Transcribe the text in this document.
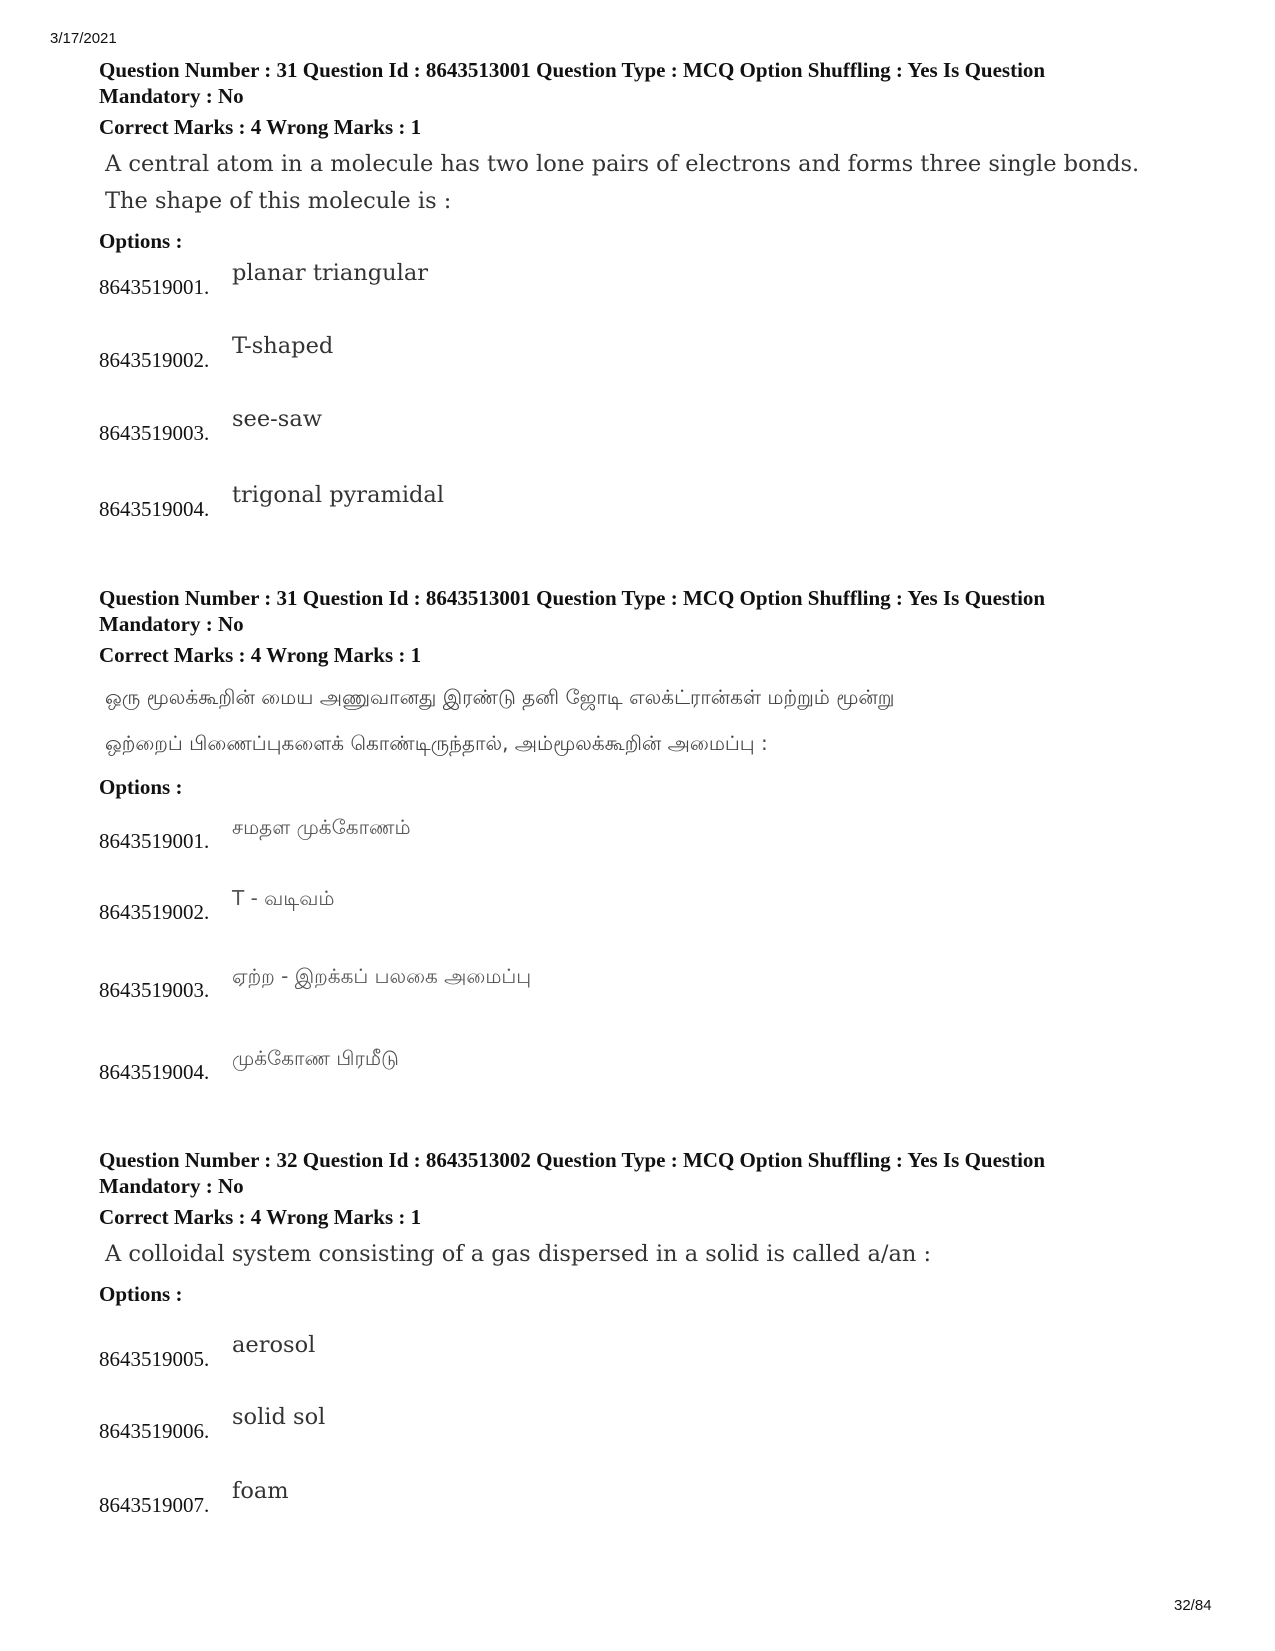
3/17/2021

Question Number : 31 Question Id : 8643513001 Question Type : MCQ Option Shuffling : Yes Is Question
Mandatory : No

Correct Marks : 4 Wrong Marks : 1

A central atom in a molecule has two lone pairs of electrons and forms three single bonds.
The shape of this molecule is :
Options :
8643519001.
planar triangular
8643519002.
T-shaped
8643519003.
see-saw
8643519004.
trigonal pyramidal

Question Number : 31 Question Id : 8643513001 Question Type : MCQ Option Shuffling : Yes Is Question
Mandatory : No

Correct Marks : 4 Wrong Marks : 1

ஒரு மூலக்கூறின் மைய அணுவானது இரண்டு தனி ஜோடி எலக்ட்ரான்கள் மற்றும் மூன்று
ஒற்றைப் பிணைப்புகளைக் கொண்டிருந்தால், அம்மூலக்கூறின் அமைப்பு :
Options :
8643519001.
சமதள முக்கோணம்
8643519002.
T - வடிவம்
8643519003.
ஏற்ற - இறக்கப் பலகை அமைப்பு
8643519004.
முக்கோண பிரமீடு

Question Number : 32 Question Id : 8643513002 Question Type : MCQ Option Shuffling : Yes Is Question
Mandatory : No

Correct Marks : 4 Wrong Marks : 1

A colloidal system consisting of a gas dispersed in a solid is called a/an :
Options :
8643519005.
aerosol
8643519006.
solid sol
8643519007.
foam
32/84
